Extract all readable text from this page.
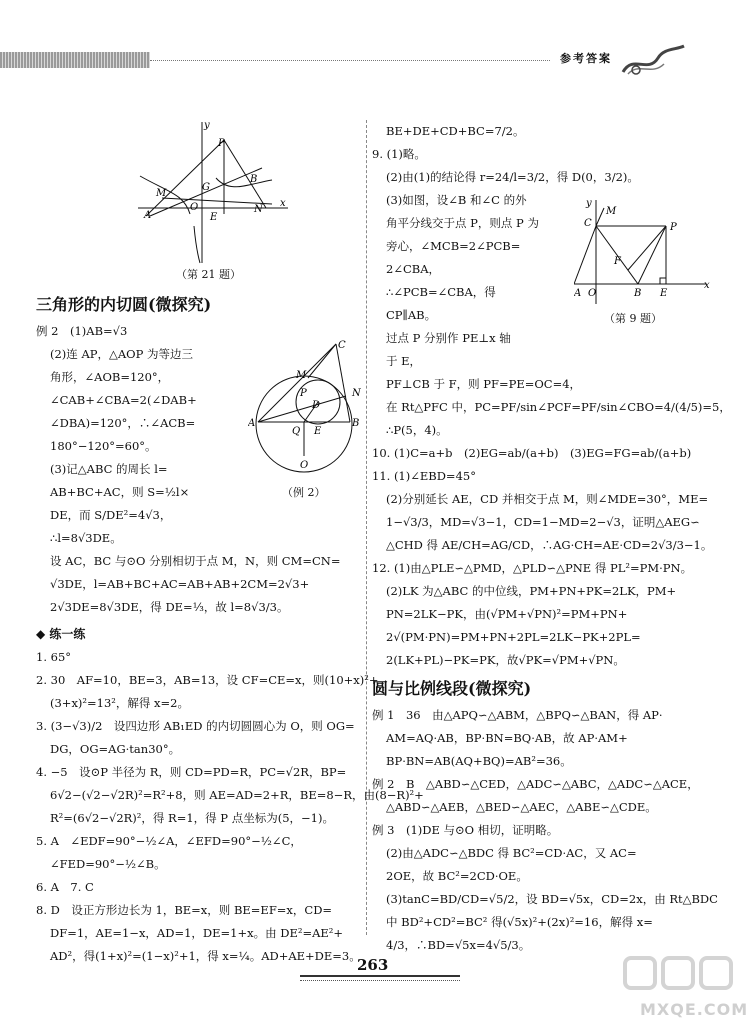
参考答案
y
P
M
G
B
A
O
E
N
x
（第 21 题）

三角形的内切圆(微探究)

例 2　(1)AB=√3

(2)连 AP，△AOP 为等边三

角形，∠AOB=120°，

∠CAB+∠CBA=2(∠DAB+

∠DBA)=120°，∴∠ACB=

180°−120°=60°。

(3)记△ABC 的周长 l=

AB+BC+AC，则 S=½l×

DE，而 S/DE²=4√3，

∴l=8√3DE。

设 AC，BC 与⊙O 分别相切于点 M，N，则 CM=CN=

√3DE，l=AB+BC+AC=AB+AB+2CM=2√3+

2√3DE=8√3DE，得 DE=⅓，故 l=8√3/3。

◆ 练一练

1. 65°

2. 30　AF=10，BE=3，AB=13，设 CF=CE=x，则(10+x)²+

(3+x)²=13²，解得 x=2。

3. (3−√3)/2　设四边形 AB₁ED 的内切圆圆心为 O，则 OG=

DG，OG=AG·tan30°。

4. −5　设⊙P 半径为 R，则 CD=PD=R，PC=√2R，BP=

6√2−(√2−√2R)²=R²+8，则 AE=AD=2+R，BE=8−R，由(8−R)²+

R²=(6√2−√2R)²，得 R=1，得 P 点坐标为(5，−1)。

5. A　∠EDF=90°−½∠A，∠EFD=90°−½∠C，

∠FED=90°−½∠B。

6. A　7. C

8. D　设正方形边长为 1，BE=x，则 BE=EF=x，CD=

DF=1，AE=1−x，AD=1，DE=1+x。由 DE²=AE²+

AD²，得(1+x)²=(1−x)²+1，得 x=¼。AD+AE+DE=3。

C
M
N
D
P
A	B
Q E
O
（例 2）

BE+DE+CD+BC=7/2。

9. (1)略。

(2)由(1)的结论得 r=24/l=3/2，得 D(0，3/2)。

(3)如图，设∠B 和∠C 的外

角平分线交于点 P，则点 P 为

旁心，∠MCB=2∠PCB=

2∠CBA，

∴∠PCB=∠CBA，得

CP∥AB。

过点 P 分别作 PE⊥x 轴

于 E，

PF⊥CB 于 F，则 PF=PE=OC=4，

在 Rt△PFC 中，PC=PF/sin∠PCF=PF/sin∠CBO=4/(4/5)=5，

∴P(5，4)。

10. (1)C=a+b　(2)EG=ab/(a+b)　(3)EG=FG=ab/(a+b)

11. (1)∠EBD=45°

(2)分别延长 AE，CD 并相交于点 M，则∠MDE=30°，ME=

1−√3/3，MD=√3−1，CD=1−MD=2−√3，证明△AEG∽

△CHD 得 AE/CH=AG/CD，∴AG·CH=AE·CD=2√3/3−1。

12. (1)由△PLE∽△PMD，△PLD∽△PNE 得 PL²=PM·PN。

(2)LK 为△ABC 的中位线，PM+PN+PK=2LK，PM+

PN=2LK−PK，由(√PM+√PN)²=PM+PN+

2√(PM·PN)=PM+PN+2PL=2LK−PK+2PL=

2(LK+PL)−PK=PK，故√PK=√PM+√PN。

圆与比例线段(微探究)

例 1　36　由△APQ∽△ABM，△BPQ∽△BAN，得 AP·

AM=AQ·AB，BP·BN=BQ·AB，故 AP·AM+

BP·BN=AB(AQ+BQ)=AB²=36。

例 2　B　△ABD∽△CED，△ADC∽△ABC，△ADC∽△ACE，

△ABD∽△AEB，△BED∽△AEC，△ABE∽△CDE。

例 3　(1)DE 与⊙O 相切，证明略。

(2)由△ADC∽△BDC 得 BC²=CD·AC，又 AC=

2OE，故 BC²=2CD·OE。

(3)tanC=BD/CD=√5/2，设 BD=√5x，CD=2x，由 Rt△BDC

中 BD²+CD²=BC² 得(√5x)²+(2x)²=16，解得 x=

4/3，∴BD=√5x=4√5/3。

y
M
C	P
F
A O	B E
x
（第 9 题）
263
MXQE.COM
